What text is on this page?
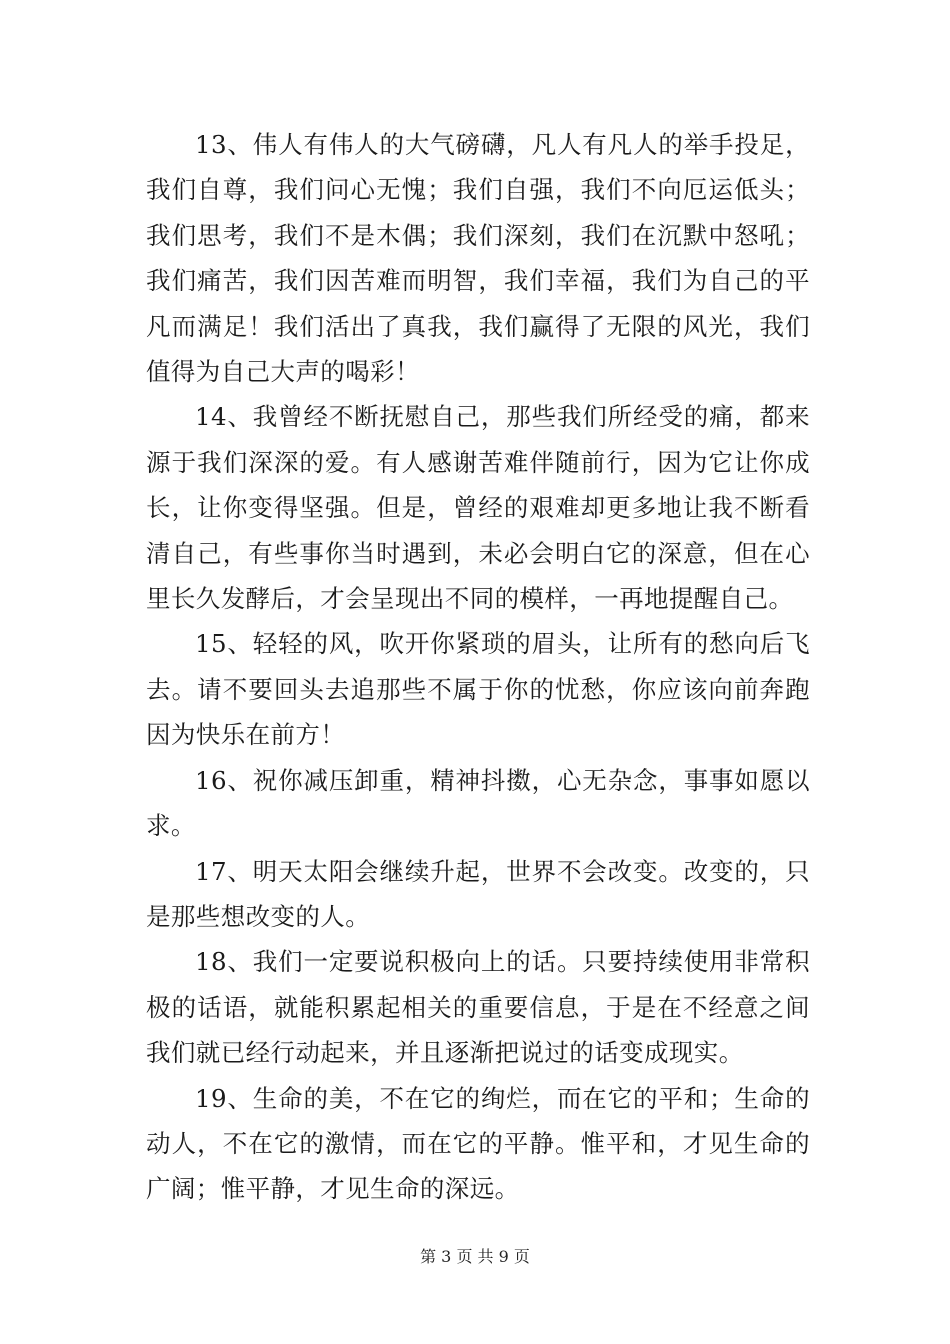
13、伟人有伟人的大气磅礴，凡人有凡人的举手投足，我们自尊，我们问心无愧；我们自强，我们不向厄运低头；我们思考，我们不是木偶；我们深刻，我们在沉默中怒吼；我们痛苦，我们因苦难而明智，我们幸福，我们为自己的平凡而满足！我们活出了真我，我们赢得了无限的风光，我们值得为自己大声的喝彩！

14、我曾经不断抚慰自己，那些我们所经受的痛，都来源于我们深深的爱。有人感谢苦难伴随前行，因为它让你成长，让你变得坚强。但是，曾经的艰难却更多地让我不断看清自己，有些事你当时遇到，未必会明白它的深意，但在心里长久发酵后，才会呈现出不同的模样，一再地提醒自己。

15、轻轻的风，吹开你紧琐的眉头，让所有的愁向后飞去。请不要回头去追那些不属于你的忧愁，你应该向前奔跑因为快乐在前方！

16、祝你减压卸重，精神抖擞，心无杂念，事事如愿以求。

17、明天太阳会继续升起，世界不会改变。改变的，只是那些想改变的人。

18、我们一定要说积极向上的话。只要持续使用非常积极的话语，就能积累起相关的重要信息，于是在不经意之间我们就已经行动起来，并且逐渐把说过的话变成现实。

19、生命的美，不在它的绚烂，而在它的平和；生命的动人，不在它的激情，而在它的平静。惟平和，才见生命的广阔；惟平静，才见生命的深远。

第 3 页 共 9 页
